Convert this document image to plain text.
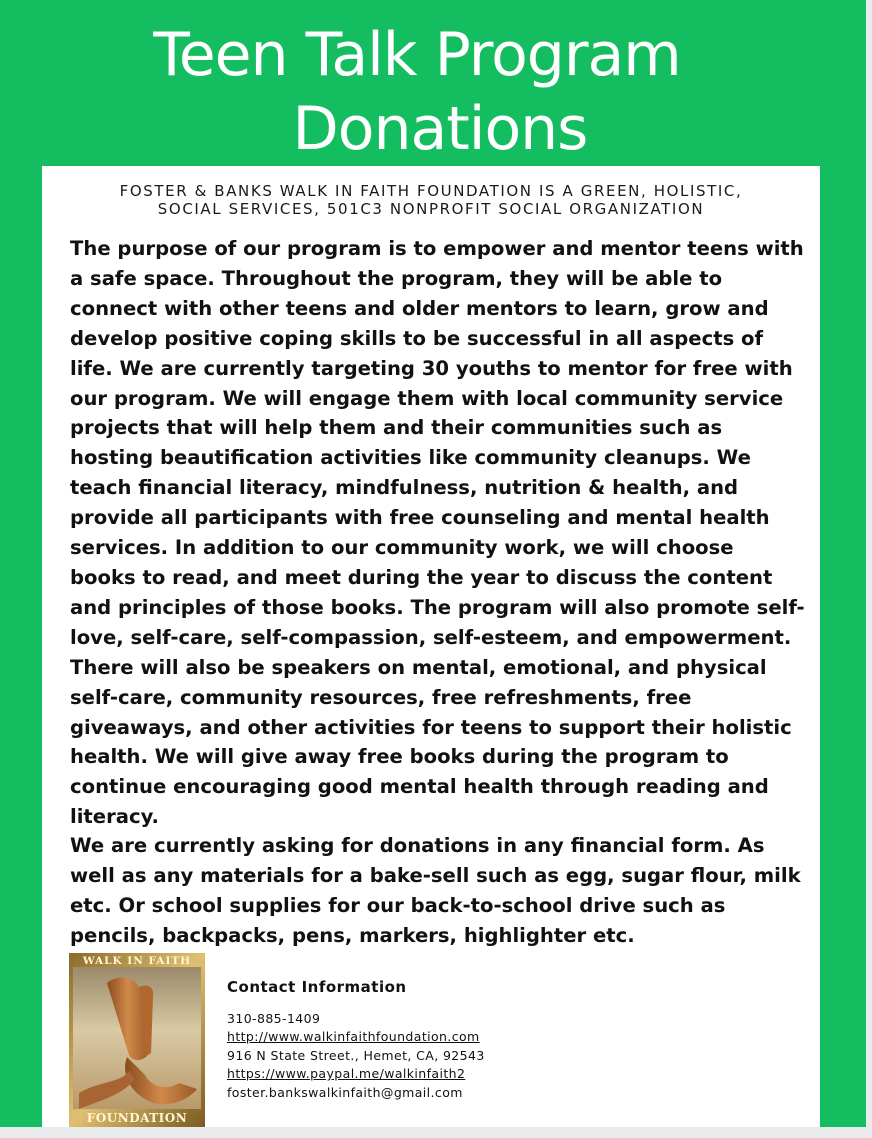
Teen Talk Program
Donations
FOSTER & BANKS WALK IN FAITH FOUNDATION IS A GREEN, HOLISTIC,
SOCIAL SERVICES, 501C3 NONPROFIT SOCIAL ORGANIZATION

The purpose of our program is to empower and mentor teens with a safe space. Throughout the program, they will be able to connect with other teens and older mentors to learn, grow and develop positive coping skills to be successful in all aspects of life. We are currently targeting 30 youths to mentor for free with our program. We will engage them with local community service projects that will help them and their communities such as hosting beautification activities like community cleanups. We teach financial literacy, mindfulness, nutrition & health, and provide all participants with free counseling and mental health services. In addition to our community work, we will choose books to read, and meet during the year to discuss the content and principles of those books. The program will also promote self-love, self-care, self-compassion, self-esteem, and empowerment. There will also be speakers on mental, emotional, and physical self-care, community resources, free refreshments, free giveaways, and other activities for teens to support their holistic health. We will give away free books during the program to continue encouraging good mental health through reading and literacy.

We are currently asking for donations in any financial form. As well as any materials for a bake-sell such as egg, sugar flour, milk etc. Or school supplies for our back-to-school drive such as pencils, backpacks, pens, markers, highlighter etc.

WALK IN FAITH
FOUNDATION
Contact Information
310-885-1409
http://www.walkinfaithfoundation.com
916 N State Street., Hemet, CA, 92543
https://www.paypal.me/walkinfaith2
foster.bankswalkinfaith@gmail.com
